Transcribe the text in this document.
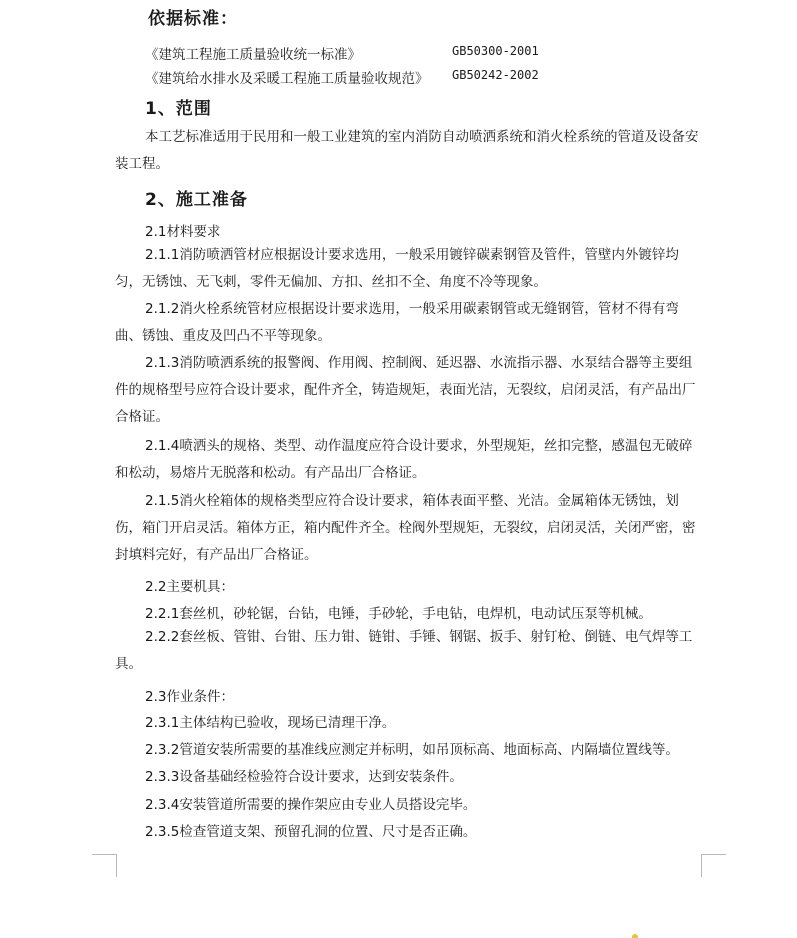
依据标准：
《建筑工程施工质量验收统一标准》	GB50300-2001
《建筑给水排水及采暖工程施工质量验收规范》 GB50242-2002
1、范围

本工艺标准适用于民用和一般工业建筑的室内消防自动喷洒系统和消火栓系统的管道及设备安装工程。

2、施工准备
2.1材料要求

2.1.1消防喷洒管材应根据设计要求选用，一般采用镀锌碳素钢管及管件，管壁内外镀锌均匀，无锈蚀、无飞刺，零件无偏加、方扣、丝扣不全、角度不冷等现象。

2.1.2消火栓系统管材应根据设计要求选用，一般采用碳素钢管或无缝钢管，管材不得有弯曲、锈蚀、重皮及凹凸不平等现象。

2.1.3消防喷洒系统的报警阀、作用阀、控制阀、延迟器、水流指示器、水泵结合器等主要组件的规格型号应符合设计要求，配件齐全，铸造规矩，表面光洁，无裂纹，启闭灵活，有产品出厂合格证。

2.1.4喷洒头的规格、类型、动作温度应符合设计要求，外型规矩，丝扣完整，感温包无破碎和松动，易熔片无脱落和松动。有产品出厂合格证。

2.1.5消火栓箱体的规格类型应符合设计要求，箱体表面平整、光洁。金属箱体无锈蚀，划伤，箱门开启灵活。箱体方正，箱内配件齐全。栓阀外型规矩，无裂纹，启闭灵活，关闭严密，密封填料完好，有产品出厂合格证。

2.2主要机具：
2.2.1套丝机，砂轮锯，台钻，电锤，手砂轮，手电钻，电焊机，电动试压泵等机械。

2.2.2套丝板、管钳、台钳、压力钳、链钳、手锤、钢锯、扳手、射钉枪、倒链、电气焊等工具。

2.3作业条件：
2.3.1主体结构已验收，现场已清理干净。
2.3.2管道安装所需要的基准线应测定并标明，如吊顶标高、地面标高、内隔墙位置线等。
2.3.3设备基础经检验符合设计要求，达到安装条件。
2.3.4安装管道所需要的操作架应由专业人员搭设完毕。
2.3.5检查管道支架、预留孔洞的位置、尺寸是否正确。
